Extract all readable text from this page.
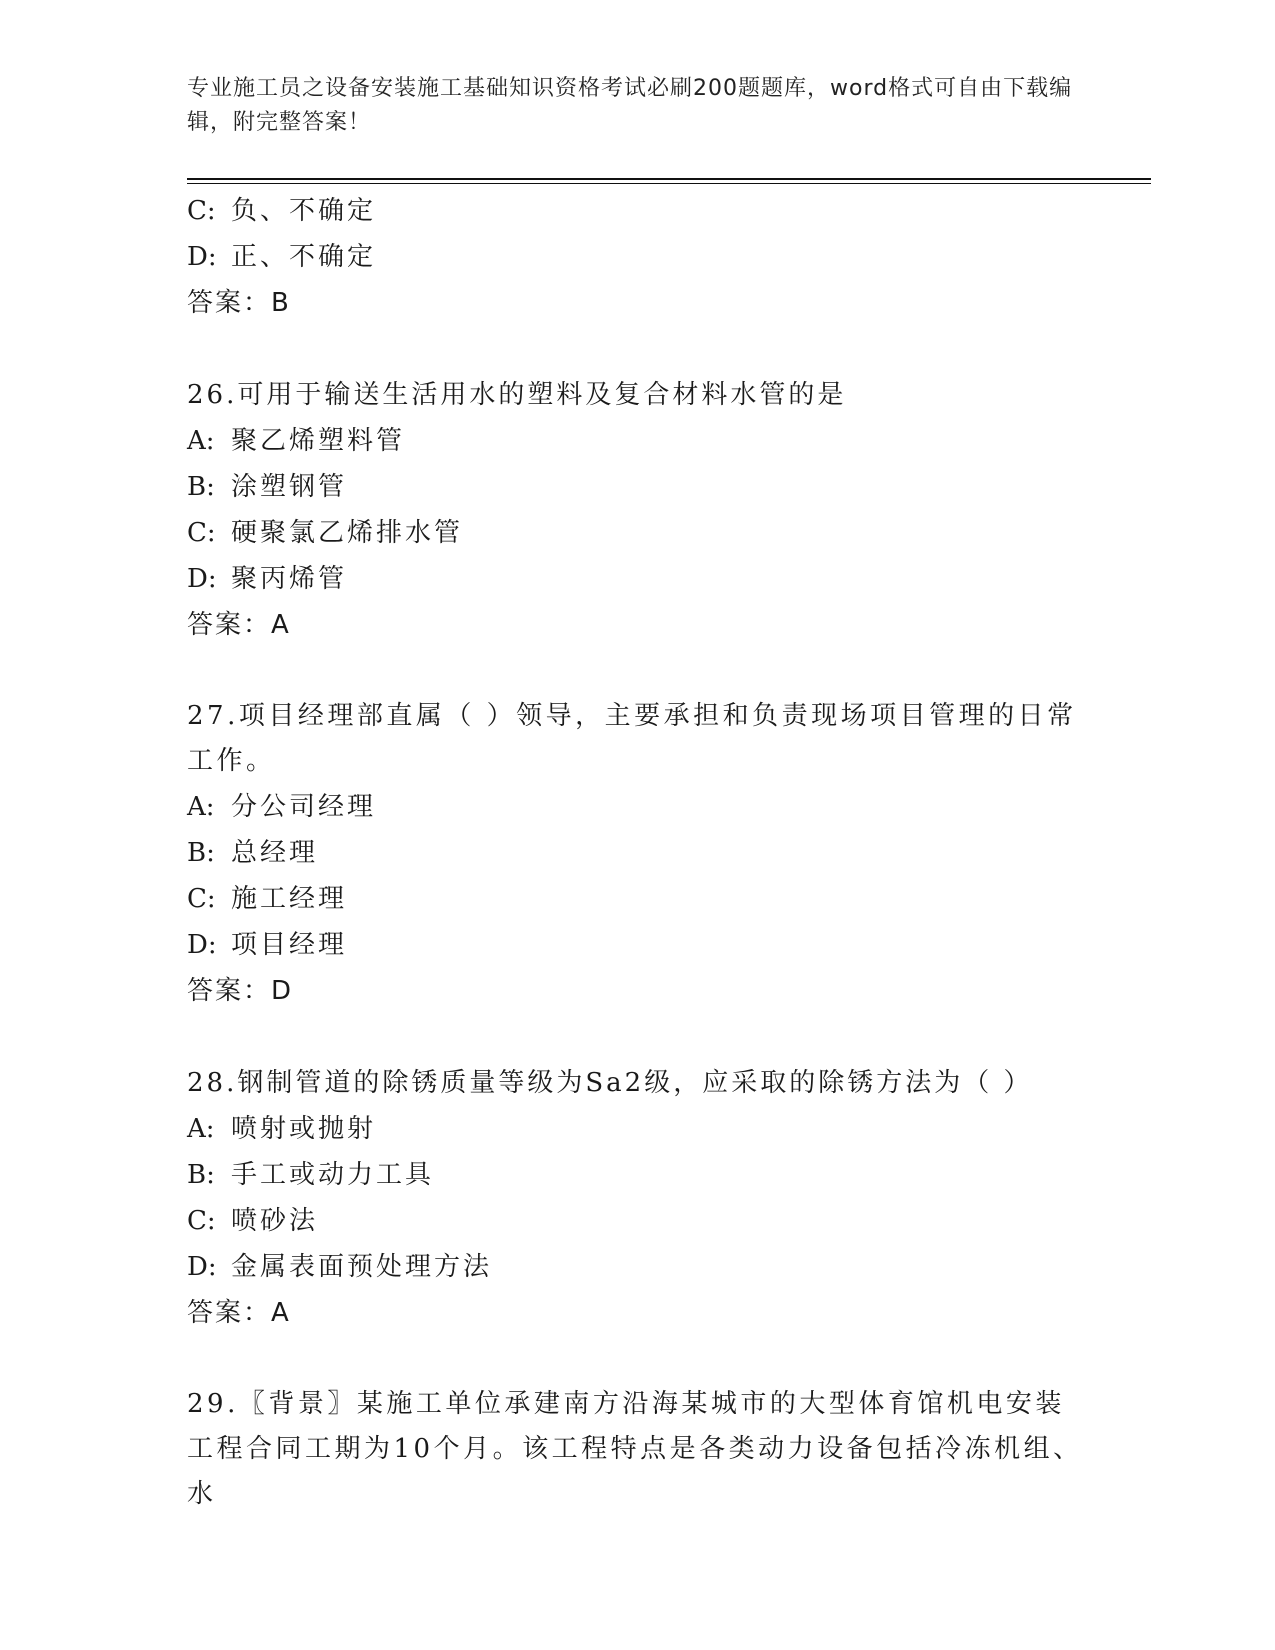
专业施工员之设备安装施工基础知识资格考试必刷200题题库，word格式可自由下载编辑，附完整答案！
C: 负、不确定
D: 正、不确定
答案：B
26.可用于输送生活用水的塑料及复合材料水管的是
A: 聚乙烯塑料管
B: 涂塑钢管
C: 硬聚氯乙烯排水管
D: 聚丙烯管
答案：A
27.项目经理部直属（ ）领导，主要承担和负责现场项目管理的日常工作。
A: 分公司经理
B: 总经理
C: 施工经理
D: 项目经理
答案：D
28.钢制管道的除锈质量等级为Sa2级，应采取的除锈方法为（ ）
A: 喷射或抛射
B: 手工或动力工具
C: 喷砂法
D: 金属表面预处理方法
答案：A
29.〖背景〗某施工单位承建南方沿海某城市的大型体育馆机电安装工程合同工期为10个月。该工程特点是各类动力设备包括冷冻机组、水
